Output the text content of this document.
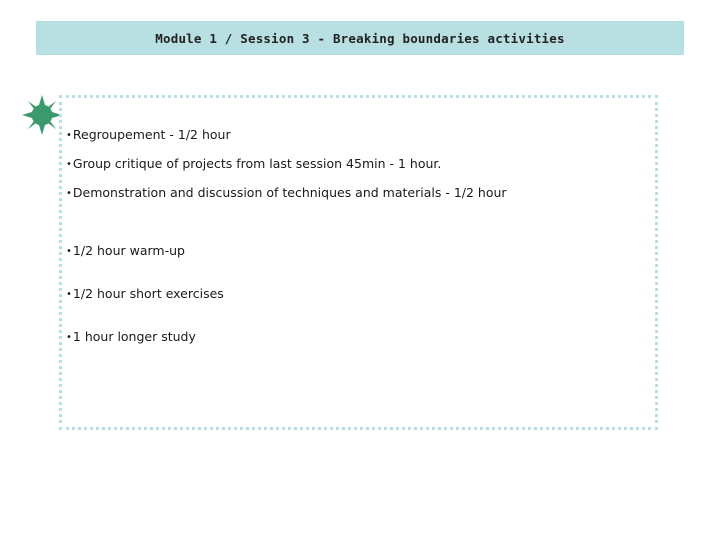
Module 1 / Session 3 - Breaking boundaries activities
•Regroupement - 1/2 hour
•Group critique of projects from last session 45min - 1 hour.
•Demonstration and discussion of techniques and materials - 1/2 hour
•1/2 hour warm-up
•1/2 hour short exercises
•1 hour longer study
